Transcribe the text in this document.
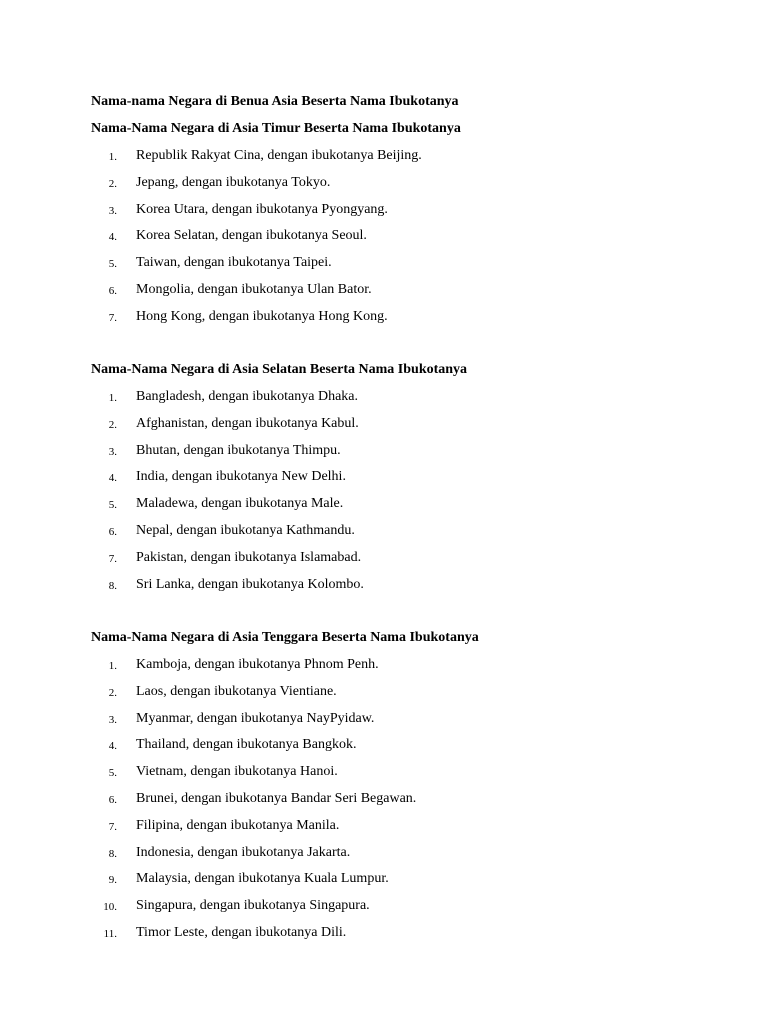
Nama-nama Negara di Benua Asia Beserta Nama Ibukotanya
Nama-Nama Negara di Asia Timur Beserta Nama Ibukotanya
1. Republik Rakyat Cina, dengan ibukotanya Beijing.
2. Jepang, dengan ibukotanya Tokyo.
3. Korea Utara, dengan ibukotanya Pyongyang.
4. Korea Selatan, dengan ibukotanya Seoul.
5. Taiwan, dengan ibukotanya Taipei.
6. Mongolia, dengan ibukotanya Ulan Bator.
7. Hong Kong, dengan ibukotanya Hong Kong.
Nama-Nama Negara di Asia Selatan Beserta Nama Ibukotanya
1. Bangladesh, dengan ibukotanya Dhaka.
2. Afghanistan, dengan ibukotanya Kabul.
3. Bhutan, dengan ibukotanya Thimpu.
4. India, dengan ibukotanya New Delhi.
5. Maladewa, dengan ibukotanya Male.
6. Nepal, dengan ibukotanya Kathmandu.
7. Pakistan, dengan ibukotanya Islamabad.
8. Sri Lanka, dengan ibukotanya Kolombo.
Nama-Nama Negara di Asia Tenggara Beserta Nama Ibukotanya
1. Kamboja, dengan ibukotanya Phnom Penh.
2. Laos, dengan ibukotanya Vientiane.
3. Myanmar, dengan ibukotanya NayPyidaw.
4. Thailand, dengan ibukotanya Bangkok.
5. Vietnam, dengan ibukotanya Hanoi.
6. Brunei, dengan ibukotanya Bandar Seri Begawan.
7. Filipina, dengan ibukotanya Manila.
8. Indonesia, dengan ibukotanya Jakarta.
9. Malaysia, dengan ibukotanya Kuala Lumpur.
10. Singapura, dengan ibukotanya Singapura.
11. Timor Leste, dengan ibukotanya Dili.
